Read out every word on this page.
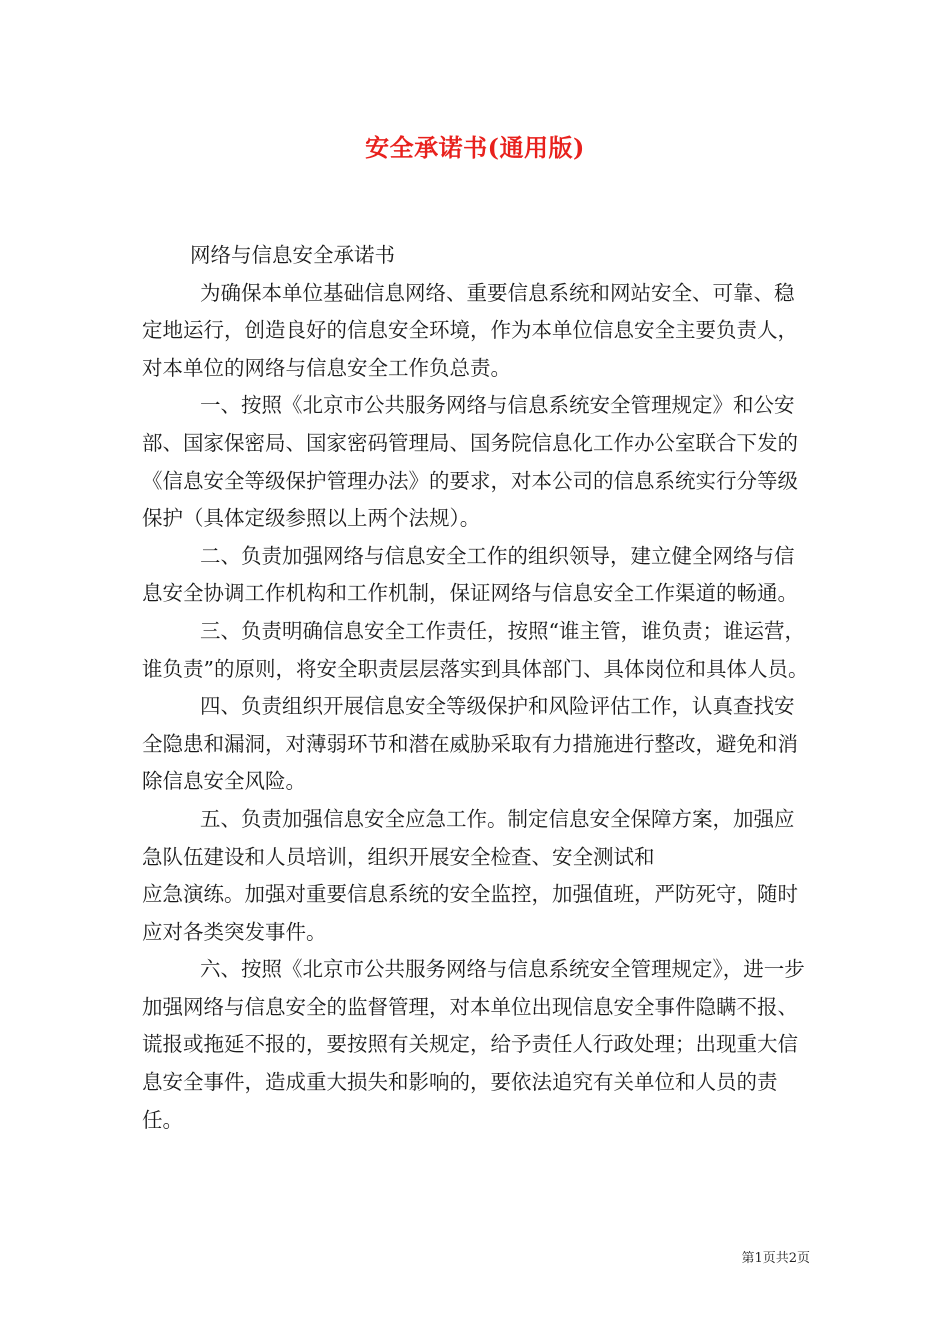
安全承诺书(通用版)

网络与信息安全承诺书

为确保本单位基础信息网络、重要信息系统和网站安全、可靠、稳定地运行，创造良好的信息安全环境，作为本单位信息安全主要负责人，对本单位的网络与信息安全工作负总责。

一、按照《北京市公共服务网络与信息系统安全管理规定》和公安部、国家保密局、国家密码管理局、国务院信息化工作办公室联合下发的《信息安全等级保护管理办法》的要求，对本公司的信息系统实行分等级保护（具体定级参照以上两个法规）。

二、负责加强网络与信息安全工作的组织领导，建立健全网络与信息安全协调工作机构和工作机制，保证网络与信息安全工作渠道的畅通。

三、负责明确信息安全工作责任，按照“谁主管，谁负责；谁运营，谁负责”的原则，将安全职责层层落实到具体部门、具体岗位和具体人员。

四、负责组织开展信息安全等级保护和风险评估工作，认真查找安全隐患和漏洞，对薄弱环节和潜在威胁采取有力措施进行整改，避免和消除信息安全风险。

五、负责加强信息安全应急工作。制定信息安全保障方案，加强应急队伍建设和人员培训，组织开展安全检查、安全测试和

应急演练。加强对重要信息系统的安全监控，加强值班，严防死守，随时应对各类突发事件。

六、按照《北京市公共服务网络与信息系统安全管理规定》，进一步加强网络与信息安全的监督管理，对本单位出现信息安全事件隐瞒不报、谎报或拖延不报的，要按照有关规定，给予责任人行政处理；出现重大信息安全事件，造成重大损失和影响的，要依法追究有关单位和人员的责任。

第1页共2页
